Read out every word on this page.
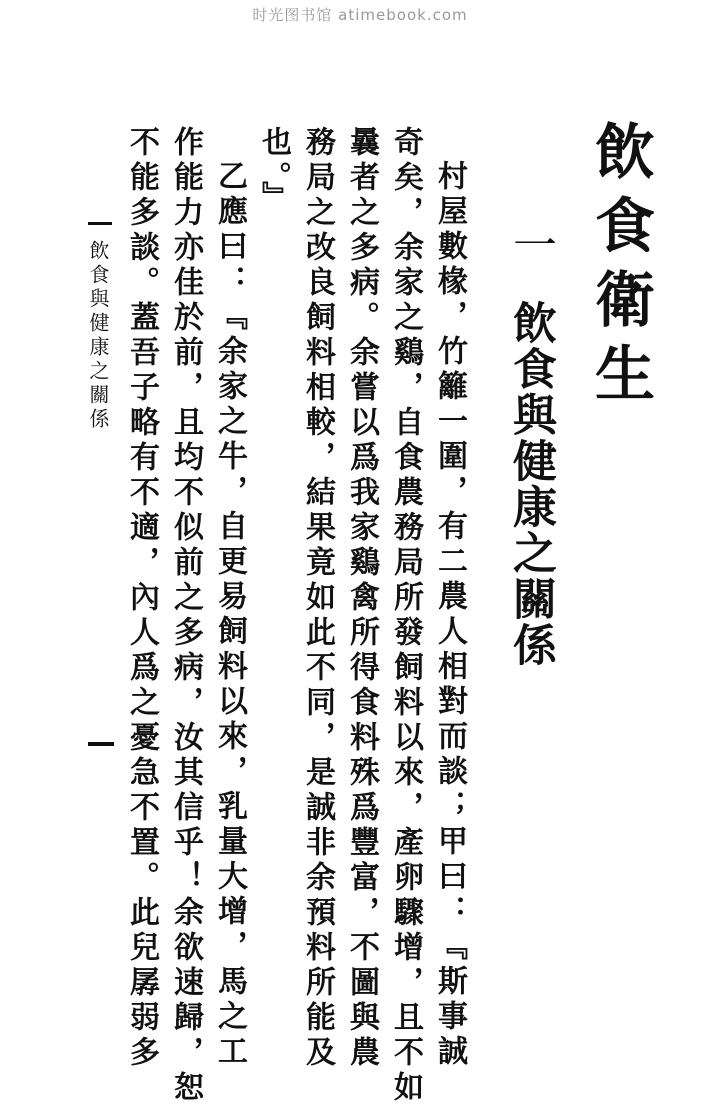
时光图书馆 atimebook.com
飲食衛生
一
飲食與健康之關係
村屋數椽，竹籬一圍，有二農人相對而談；甲曰：『斯事誠
奇矣，余家之鷄，自食農務局所發飼料以來，產卵驟增，且不如
曩者之多病。余嘗以爲我家鷄禽所得食料殊爲豐富，不圖與農
務局之改良飼料相較，結果竟如此不同，是誠非余預料所能及
也。』
乙應曰：『余家之牛，自更易飼料以來，乳量大增，馬之工
作能力亦佳於前，且均不似前之多病，汝其信乎！余欲速歸，恕
不能多談。蓋吾子略有不適，內人爲之憂急不置。此兒孱弱多
飲食與健康之關係
一
